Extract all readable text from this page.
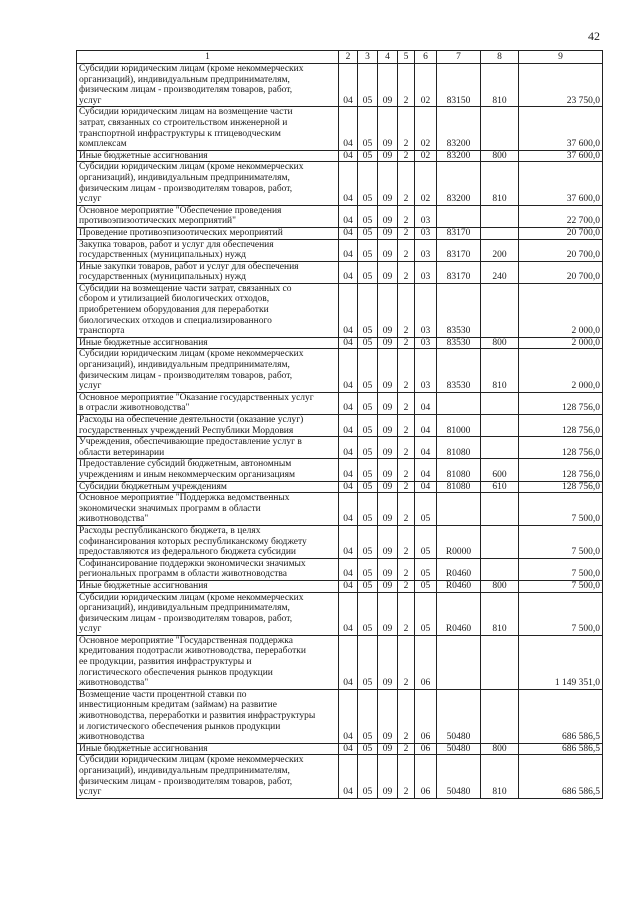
42
1	2	3	4	5	6	7	8	9
Субсидии юридическим лицам (кроме некоммерческих
организаций), индивидуальным предпринимателям,
физическим лицам - производителям товаров, работ,
услуг	04	05	09	2	02	83150	810	23 750,0
Субсидии юридическим лицам на возмещение части
затрат, связанных со строительством инженерной и
транспортной инфраструктуры к птицеводческим
комплексам	04	05	09	2	02	83200		37 600,0
Иные бюджетные ассигнования	04	05	09	2	02	83200	800	37 600,0
Субсидии юридическим лицам (кроме некоммерческих
организаций), индивидуальным предпринимателям,
физическим лицам - производителям товаров, работ,
услуг	04	05	09	2	02	83200	810	37 600,0
Основное мероприятие "Обеспечение проведения
противоэпизоотических мероприятий"	04	05	09	2	03			22 700,0
Проведение противоэпизоотических мероприятий	04	05	09	2	03	83170		20 700,0
Закупка товаров, работ и услуг для обеспечения
государственных (муниципальных) нужд	04	05	09	2	03	83170	200	20 700,0
Иные закупки товаров, работ и услуг для обеспечения
государственных (муниципальных) нужд	04	05	09	2	03	83170	240	20 700,0
Субсидии на возмещение части затрат, связанных со
сбором и утилизацией биологических отходов,
приобретением оборудования для переработки
биологических отходов и специализированного
транспорта	04	05	09	2	03	83530		2 000,0
Иные бюджетные ассигнования	04	05	09	2	03	83530	800	2 000,0
Субсидии юридическим лицам (кроме некоммерческих
организаций), индивидуальным предпринимателям,
физическим лицам - производителям товаров, работ,
услуг	04	05	09	2	03	83530	810	2 000,0
Основное мероприятие "Оказание государственных услуг
в отрасли животноводства"	04	05	09	2	04			128 756,0
Расходы на обеспечение деятельности (оказание услуг)
государственных учреждений Республики Мордовия	04	05	09	2	04	81000		128 756,0
Учреждения, обеспечивающие предоставление услуг в
области ветеринарии	04	05	09	2	04	81080		128 756,0
Предоставление субсидий бюджетным, автономным
учреждениям и иным некоммерческим организациям	04	05	09	2	04	81080	600	128 756,0
Субсидии бюджетным учреждениям	04	05	09	2	04	81080	610	128 756,0
Основное мероприятие "Поддержка ведомственных
экономически значимых программ в области
животноводства"	04	05	09	2	05			7 500,0
Расходы республиканского бюджета, в целях
софинансирования которых республиканскому бюджету
предоставляются из федерального бюджета субсидии	04	05	09	2	05	R0000		7 500,0
Софинансирование поддержки экономически значимых
региональных программ в области животноводства	04	05	09	2	05	R0460		7 500,0
Иные бюджетные ассигнования	04	05	09	2	05	R0460	800	7 500,0
Субсидии юридическим лицам (кроме некоммерческих
организаций), индивидуальным предпринимателям,
физическим лицам - производителям товаров, работ,
услуг	04	05	09	2	05	R0460	810	7 500,0
Основное мероприятие "Государственная поддержка
кредитования подотрасли животноводства, переработки
ее продукции, развития инфраструктуры и
логистического обеспечения рынков продукции
животноводства"	04	05	09	2	06			1 149 351,0
Возмещение части процентной ставки по
инвестиционным кредитам (займам) на развитие
животноводства, переработки и развития инфраструктуры
и логистического обеспечения рынков продукции
животноводства	04	05	09	2	06	50480		686 586,5
Иные бюджетные ассигнования	04	05	09	2	06	50480	800	686 586,5
Субсидии юридическим лицам (кроме некоммерческих
организаций), индивидуальным предпринимателям,
физическим лицам - производителям товаров, работ,
услуг	04	05	09	2	06	50480	810	686 586,5
